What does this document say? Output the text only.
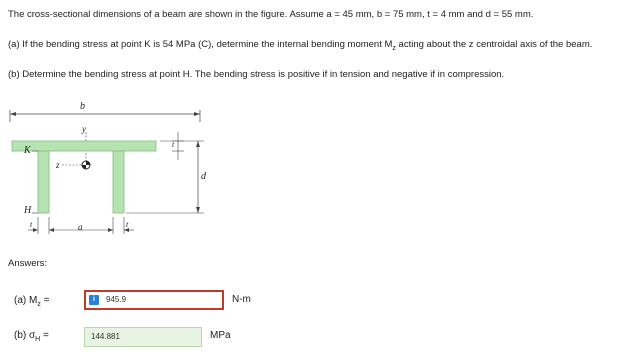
The cross-sectional dimensions of a beam are shown in the figure. Assume a = 45 mm, b = 75 mm, t = 4 mm and d = 55 mm.
(a) If the bending stress at point K is 54 MPa (C), determine the internal bending moment $M_z$ acting about the z centroidal axis of the beam.
(b) Determine the bending stress at point H. The bending stress is positive if in tension and negative if in compression.
b
y
z
K
H
d
a
t
t	t
Answers:
(a) $M_z$ =	i	945.9	N-m
(b) $\sigma_H$ =	144.881	MPa
